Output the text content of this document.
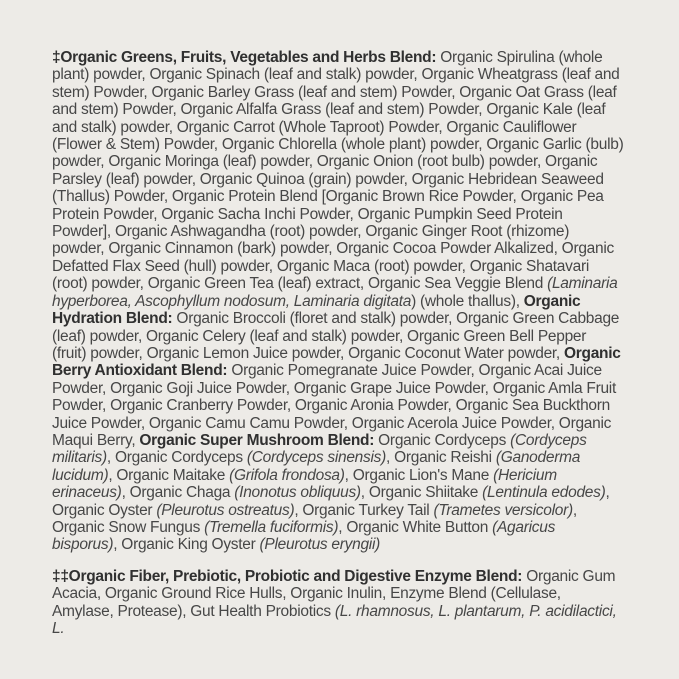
‡Organic Greens, Fruits, Vegetables and Herbs Blend: Organic Spirulina (whole plant) powder, Organic Spinach (leaf and stalk) powder, Organic Wheatgrass (leaf and stem) Powder, Organic Barley Grass (leaf and stem) Powder, Organic Oat Grass (leaf and stem) Powder, Organic Alfalfa Grass (leaf and stem) Powder, Organic Kale (leaf and stalk) powder, Organic Carrot (Whole Taproot) Powder, Organic Cauliflower (Flower & Stem) Powder, Organic Chlorella (whole plant) powder, Organic Garlic (bulb) powder, Organic Moringa (leaf) powder, Organic Onion (root bulb) powder, Organic Parsley (leaf) powder, Organic Quinoa (grain) powder, Organic Hebridean Seaweed (Thallus) Powder, Organic Protein Blend [Organic Brown Rice Powder, Organic Pea Protein Powder, Organic Sacha Inchi Powder, Organic Pumpkin Seed Protein Powder], Organic Ashwagandha (root) powder, Organic Ginger Root (rhizome) powder, Organic Cinnamon (bark) powder, Organic Cocoa Powder Alkalized, Organic Defatted Flax Seed (hull) powder, Organic Maca (root) powder, Organic Shatavari (root) powder, Organic Green Tea (leaf) extract, Organic Sea Veggie Blend (Laminaria hyperborea, Ascophyllum nodosum, Laminaria digitata) (whole thallus), Organic Hydration Blend: Organic Broccoli (floret and stalk) powder, Organic Green Cabbage (leaf) powder, Organic Celery (leaf and stalk) powder, Organic Green Bell Pepper (fruit) powder, Organic Lemon Juice powder, Organic Coconut Water powder, Organic Berry Antioxidant Blend: Organic Pomegranate Juice Powder, Organic Acai Juice Powder, Organic Goji Juice Powder, Organic Grape Juice Powder, Organic Amla Fruit Powder, Organic Cranberry Powder, Organic Aronia Powder, Organic Sea Buckthorn Juice Powder, Organic Camu Camu Powder, Organic Acerola Juice Powder, Organic Maqui Berry, Organic Super Mushroom Blend: Organic Cordyceps (Cordyceps militaris), Organic Cordyceps (Cordyceps sinensis), Organic Reishi (Ganoderma lucidum), Organic Maitake (Grifola frondosa), Organic Lion's Mane (Hericium erinaceus), Organic Chaga (Inonotus obliquus), Organic Shiitake (Lentinula edodes), Organic Oyster (Pleurotus ostreatus), Organic Turkey Tail (Trametes versicolor), Organic Snow Fungus (Tremella fuciformis), Organic White Button (Agaricus bisporus), Organic King Oyster (Pleurotus eryngii)

‡‡Organic Fiber, Prebiotic, Probiotic and Digestive Enzyme Blend: Organic Gum Acacia, Organic Ground Rice Hulls, Organic Inulin, Enzyme Blend (Cellulase, Amylase, Protease), Gut Health Probiotics (L. rhamnosus, L. plantarum, P. acidilactici, L.
